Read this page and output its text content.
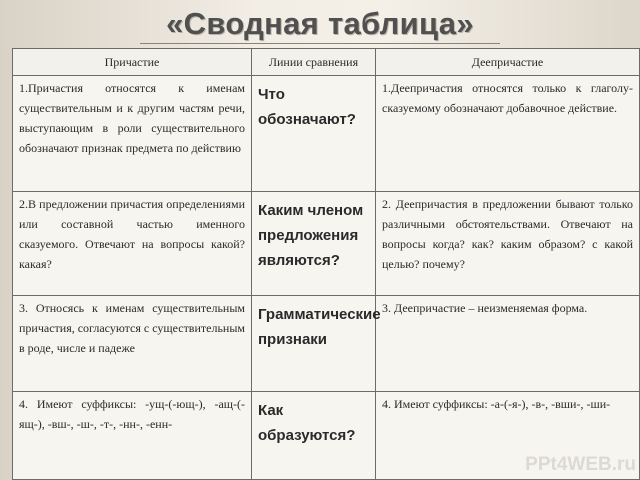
«Сводная таблица»
Причастие	Линии сравнения	Деепричастие
1.Причастия относятся к именам существительным и к другим частям речи, выступающим в роли существительного обозначают признак предмета по действию	Что обозначают?	1.Деепричастия относятся только к глаголу-сказуемому обозначают добавочное действие.
2.В предложении причастия определениями или составной частью именного сказуемого. Отвечают на вопросы какой? какая?	Каким членом предложения являются?	2. Деепричастия в предложении бывают только различными обстоятельствами. Отвечают на вопросы когда? как? каким образом? с какой целью? почему?
3. Относясь к именам существительным причастия, согласуются с существительным в роде, числе и падеже	Грамматические признаки	3. Деепричастие – неизменяемая форма.
4. Имеют суффиксы: -ущ-(-ющ-), -ащ-(-ящ-), -вш-, -ш-, -т-, -нн-, -енн-	Как образуются?	4. Имеют суффиксы: -а-(-я-), -в-, -вши-, -ши-
PPt4WEB.ru
